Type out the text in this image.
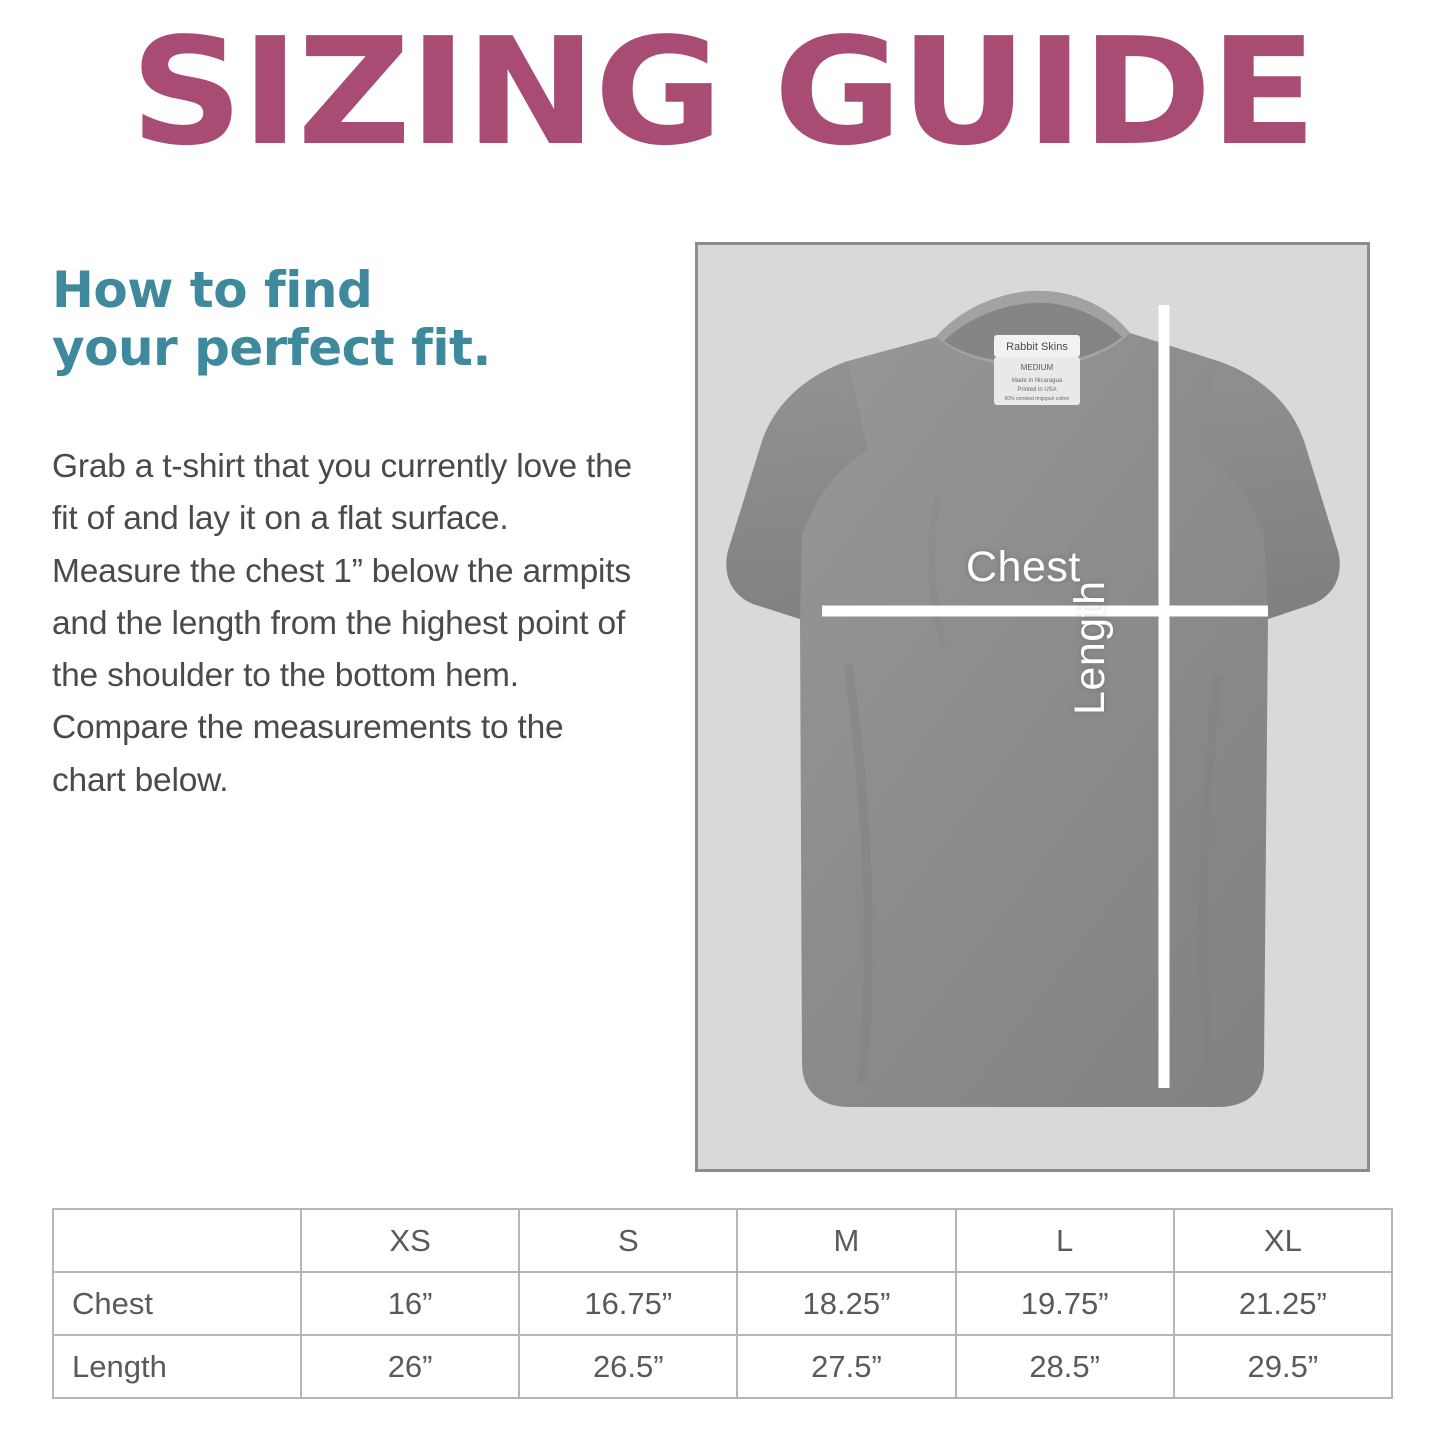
SIZING GUIDE
How to find
your perfect fit.
Grab a t-shirt that you currently love the fit of and lay it on a flat surface. Measure the chest 1” below the armpits and the length from the highest point of the shoulder to the bottom hem. Compare the measurements to the chart below.
Rabbit Skins
MEDIUM
Made in Nicaragua
Printed in USA
60% combed ringspun cotton
Chest
Length
	XS	S	M	L	XL
Chest	16”	16.75”	18.25”	19.75”	21.25”
Length	26”	26.5”	27.5”	28.5”	29.5”
